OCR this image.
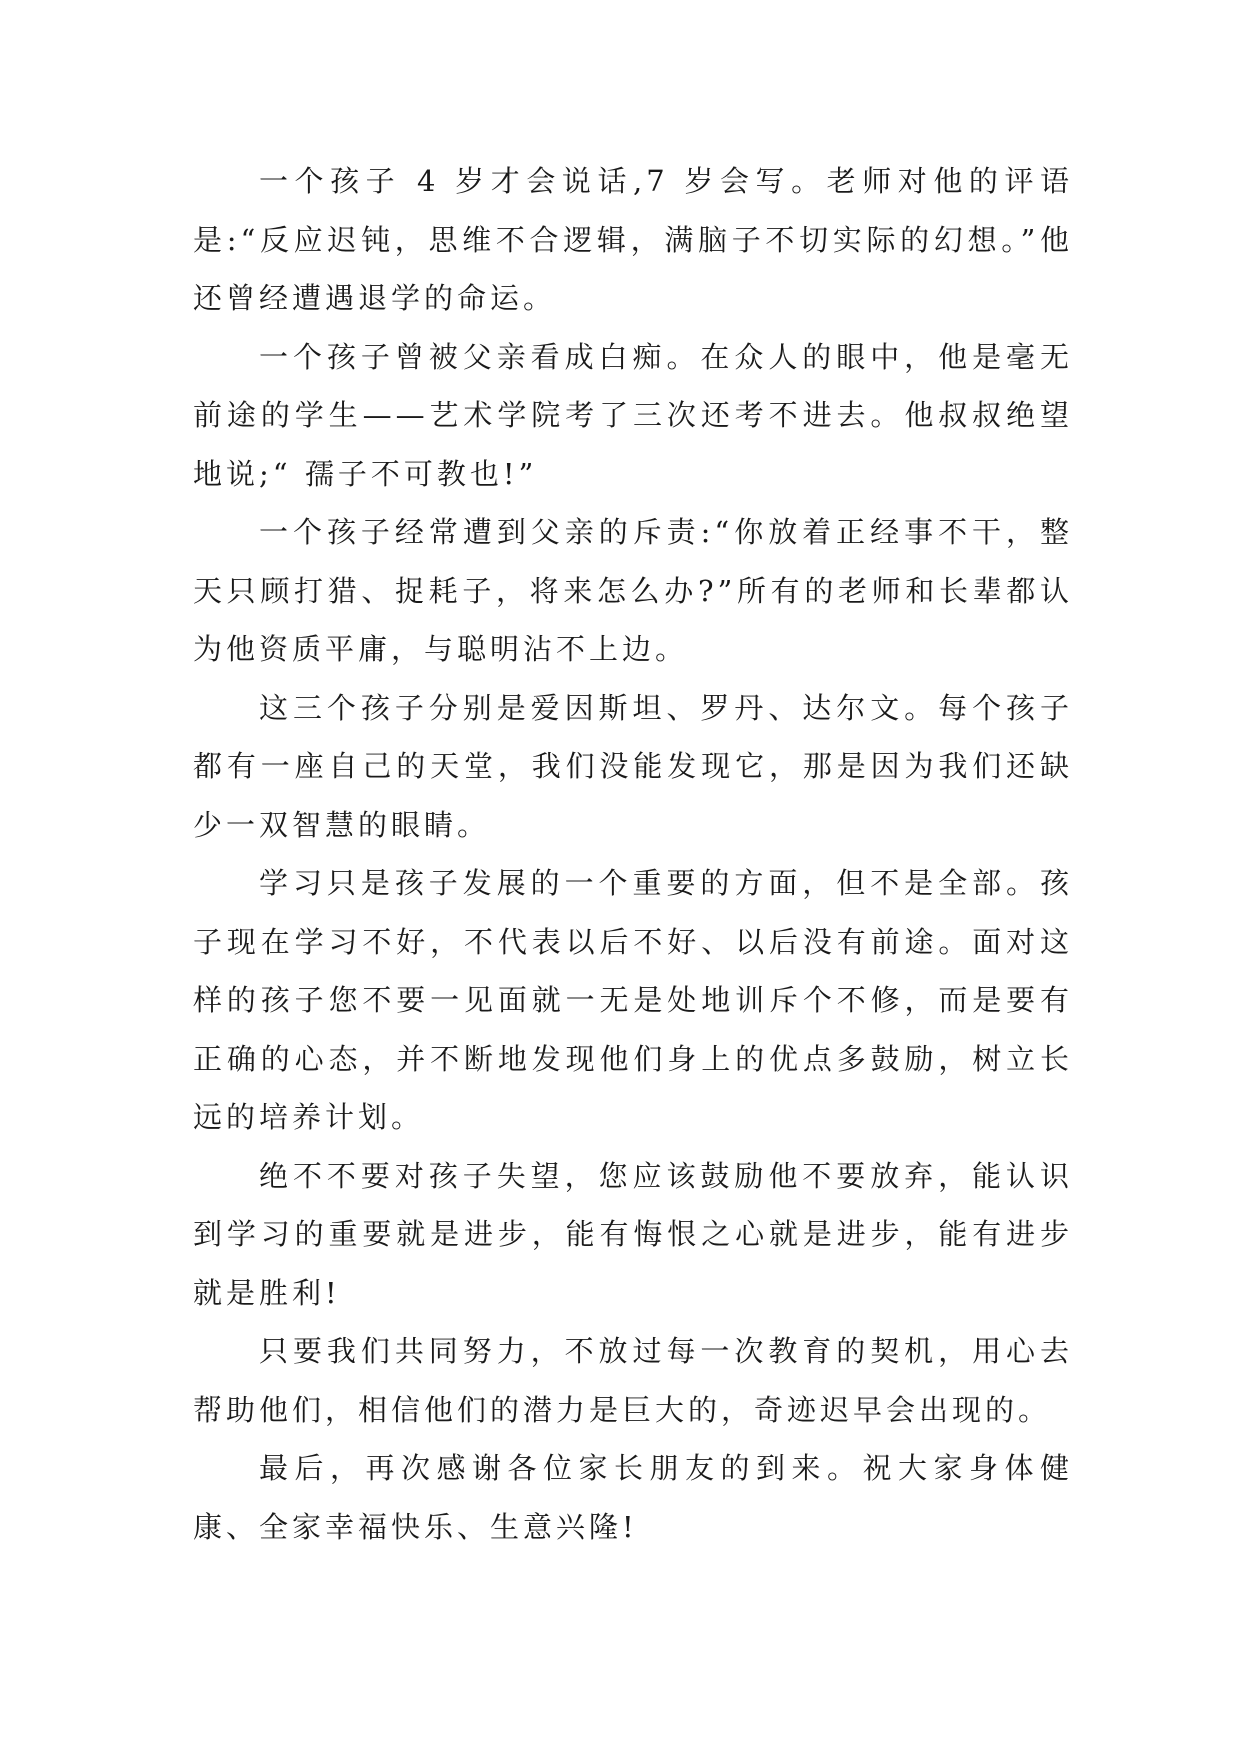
一个孩子 4 岁才会说话,7 岁会写。老师对他的评语是:“反应迟钝，思维不合逻辑，满脑子不切实际的幻想。”他还曾经遭遇退学的命运。

一个孩子曾被父亲看成白痴。在众人的眼中，他是毫无前途的学生——艺术学院考了三次还考不进去。他叔叔绝望地说;“ 孺子不可教也!”

一个孩子经常遭到父亲的斥责:“你放着正经事不干，整天只顾打猎、捉耗子，将来怎么办?”所有的老师和长辈都认为他资质平庸，与聪明沾不上边。

这三个孩子分别是爱因斯坦、罗丹、达尔文。每个孩子都有一座自己的天堂，我们没能发现它，那是因为我们还缺少一双智慧的眼睛。

学习只是孩子发展的一个重要的方面，但不是全部。孩子现在学习不好，不代表以后不好、以后没有前途。面对这样的孩子您不要一见面就一无是处地训斥个不修，而是要有正确的心态，并不断地发现他们身上的优点多鼓励，树立长远的培养计划。

绝不不要对孩子失望，您应该鼓励他不要放弃，能认识到学习的重要就是进步，能有悔恨之心就是进步，能有进步就是胜利!

只要我们共同努力，不放过每一次教育的契机，用心去帮助他们，相信他们的潜力是巨大的，奇迹迟早会出现的。

最后，再次感谢各位家长朋友的到来。祝大家身体健康、全家幸福快乐、生意兴隆!
